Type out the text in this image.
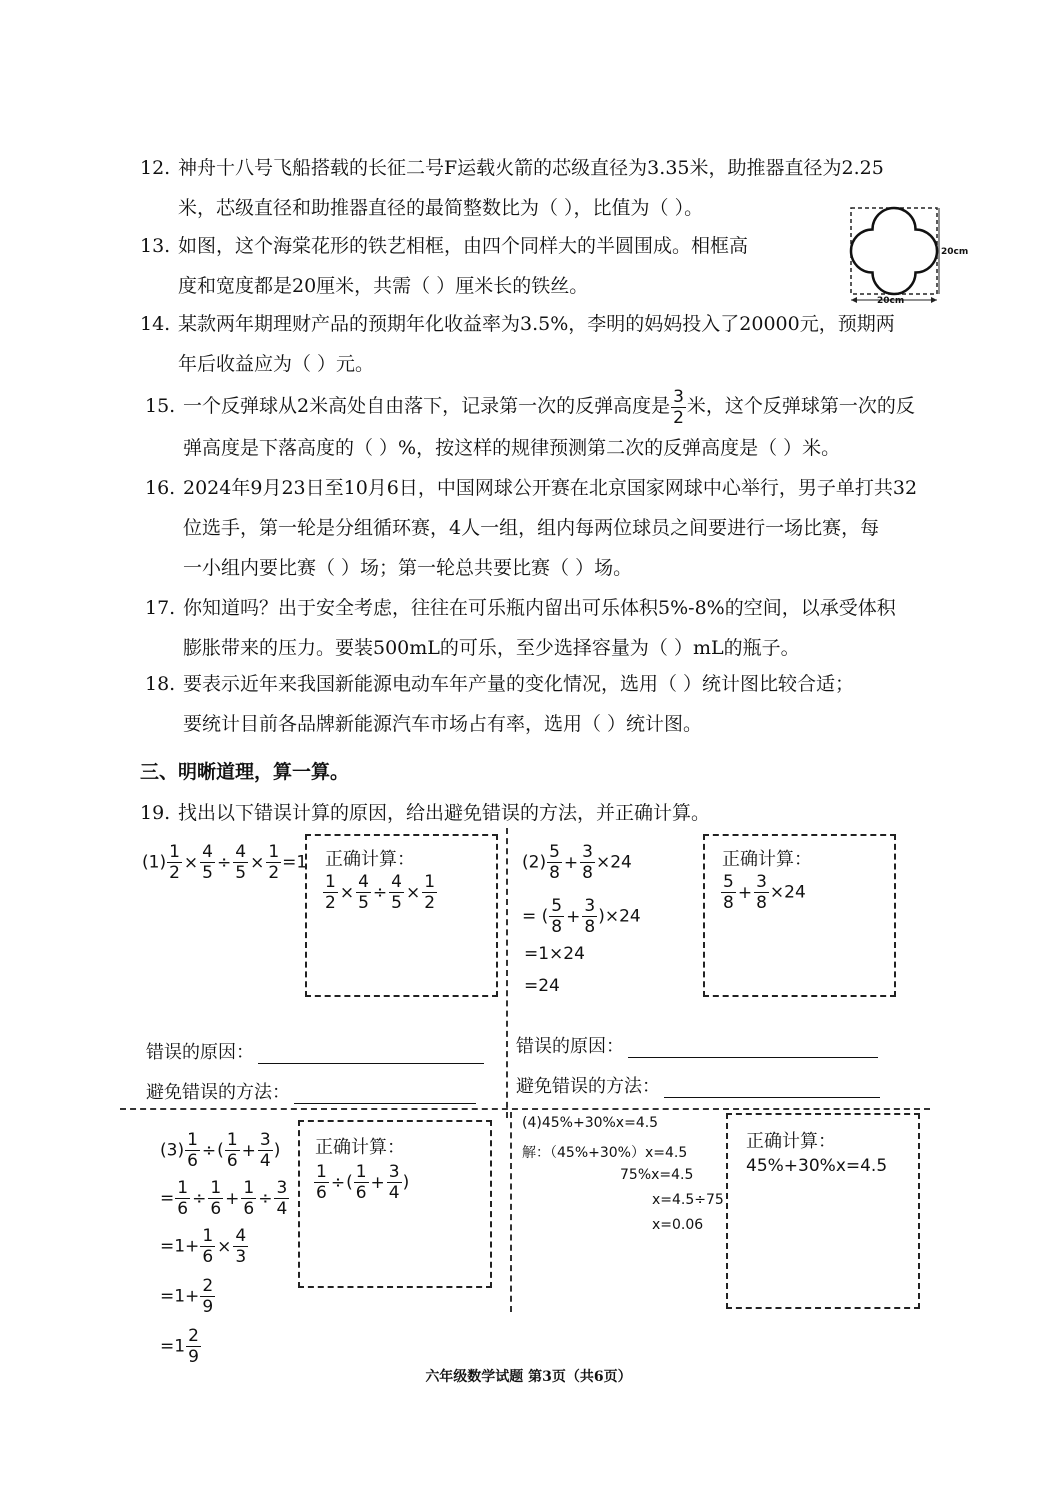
12. 神舟十八号飞船搭载的长征二号F运载火箭的芯级直径为3.35米，助推器直径为2.25
米，芯级直径和助推器直径的最简整数比为（ ），比值为（ ）。
13. 如图，这个海棠花形的铁艺相框，由四个同样大的半圆围成。相框高
度和宽度都是20厘米，共需（ ）厘米长的铁丝。
20cm
20cm
14. 某款两年期理财产品的预期年化收益率为3.5%，李明的妈妈投入了20000元，预期两
年后收益应为（ ）元。
15. 一个反弹球从2米高处自由落下，记录第一次的反弹高度是 $\frac{3}{2}$ 米，这个反弹球第一次的反
弹高度是下落高度的（ ）%，按这样的规律预测第二次的反弹高度是（ ）米。
16. 2024年9月23日至10月6日，中国网球公开赛在北京国家网球中心举行，男子单打共32
位选手，第一轮是分组循环赛，4人一组，组内每两位球员之间要进行一场比赛，每
一小组内要比赛（ ）场；第一轮总共要比赛（ ）场。
17. 你知道吗？出于安全考虑，往往在可乐瓶内留出可乐体积5%-8%的空间，以承受体积
膨胀带来的压力。要装500mL的可乐，至少选择容量为（ ）mL的瓶子。
18. 要表示近年来我国新能源电动车年产量的变化情况，选用（ ）统计图比较合适；
要统计目前各品牌新能源汽车市场占有率，选用（ ）统计图。
三、明晰道理，算一算。
19. 找出以下错误计算的原因，给出避免错误的方法，并正确计算。
$(1) \frac{1}{2} \times \frac{4}{5} \div \frac{4}{5} \times \frac{1}{2} =1$ 正确计算：
$\frac{1}{2} \times \frac{4}{5} \div \frac{4}{5} \times \frac{1}{2}$
$(2) \frac{5}{8} + \frac{3}{8} \times 24$
= ( $\frac{5}{8} + \frac{3}{8} )\times 24$
=1×24
=24
正确计算：
$\frac{5}{8} + \frac{3}{8} \times 24$
错误的原因：
避免错误的方法：
错误的原因：
避免错误的方法：
$(3) \frac{1}{6}$ ÷( $\frac{1}{6} + \frac{3}{4}$ )
= $\frac{1}{6} \div \frac{1}{6} + \frac{1}{6} \div \frac{3}{4}$
$=1+ \frac{1}{6} \times \frac{4}{3}$
$=1+ \frac{2}{9}$
$=1 \frac{2}{9}$
正确计算：
$\frac{1}{6}$ ÷( $\frac{1}{6} + \frac{3}{4}$ )
(4)45%+30%x=4.5
解：（45%+30%）x=4.5
75%x=4.5
x=4.5÷75
x=0.06
正确计算：
45%+30%x=4.5
六年级数学试题 第3页（共6页）
